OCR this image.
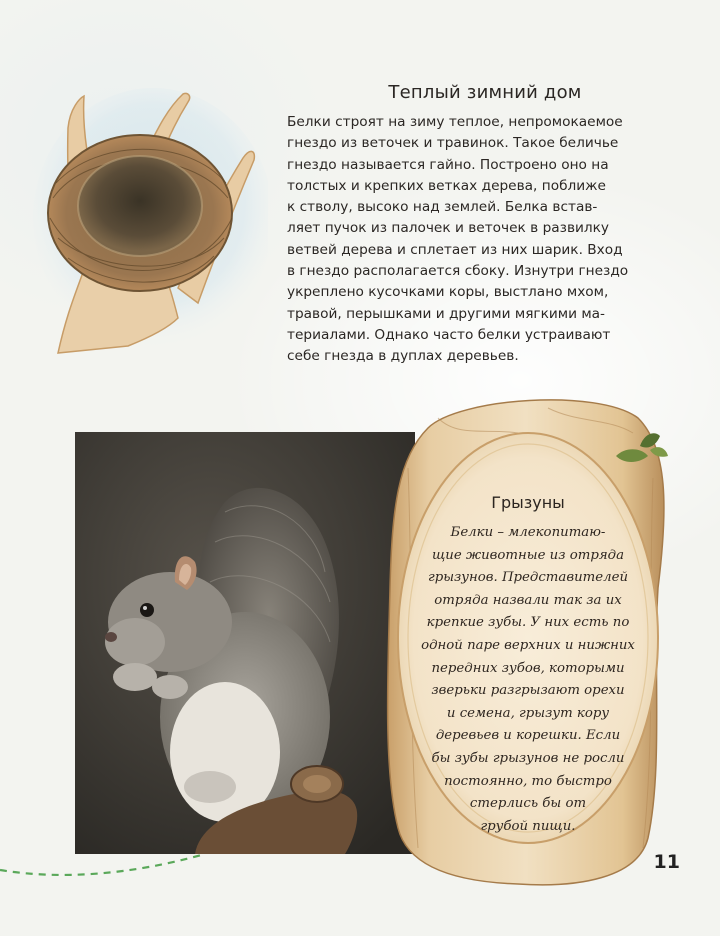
Теплый зимний дом
Белки строят на зиму теплое, непромокаемое
гнездо из веточек и травинок. Такое беличье
гнездо называется гайно. Построено оно на
толстых и крепких ветках дерева, поближе
к стволу, высоко над землей. Белка встав-
ляет пучок из палочек и веточек в развилку
ветвей дерева и сплетает из них шарик. Вход
в гнездо располагается сбоку. Изнутри гнездо
укреплено кусочками коры, выстлано мхом,
травой, перышками и другими мягкими ма-
териалами. Однако часто белки устраивают
себе гнезда в дуплах деревьев.
Грызуны
Белки – млекопитаю-
щие животные из отряда
грызунов. Представителей
отряда назвали так за их
крепкие зубы. У них есть по
одной паре верхних и нижних
передних зубов, которыми
зверьки разгрызают орехи
и семена, грызут кору
деревьев и корешки. Если
бы зубы грызунов не росли
постоянно, то быстро
стерлись бы от
грубой пищи.
11
